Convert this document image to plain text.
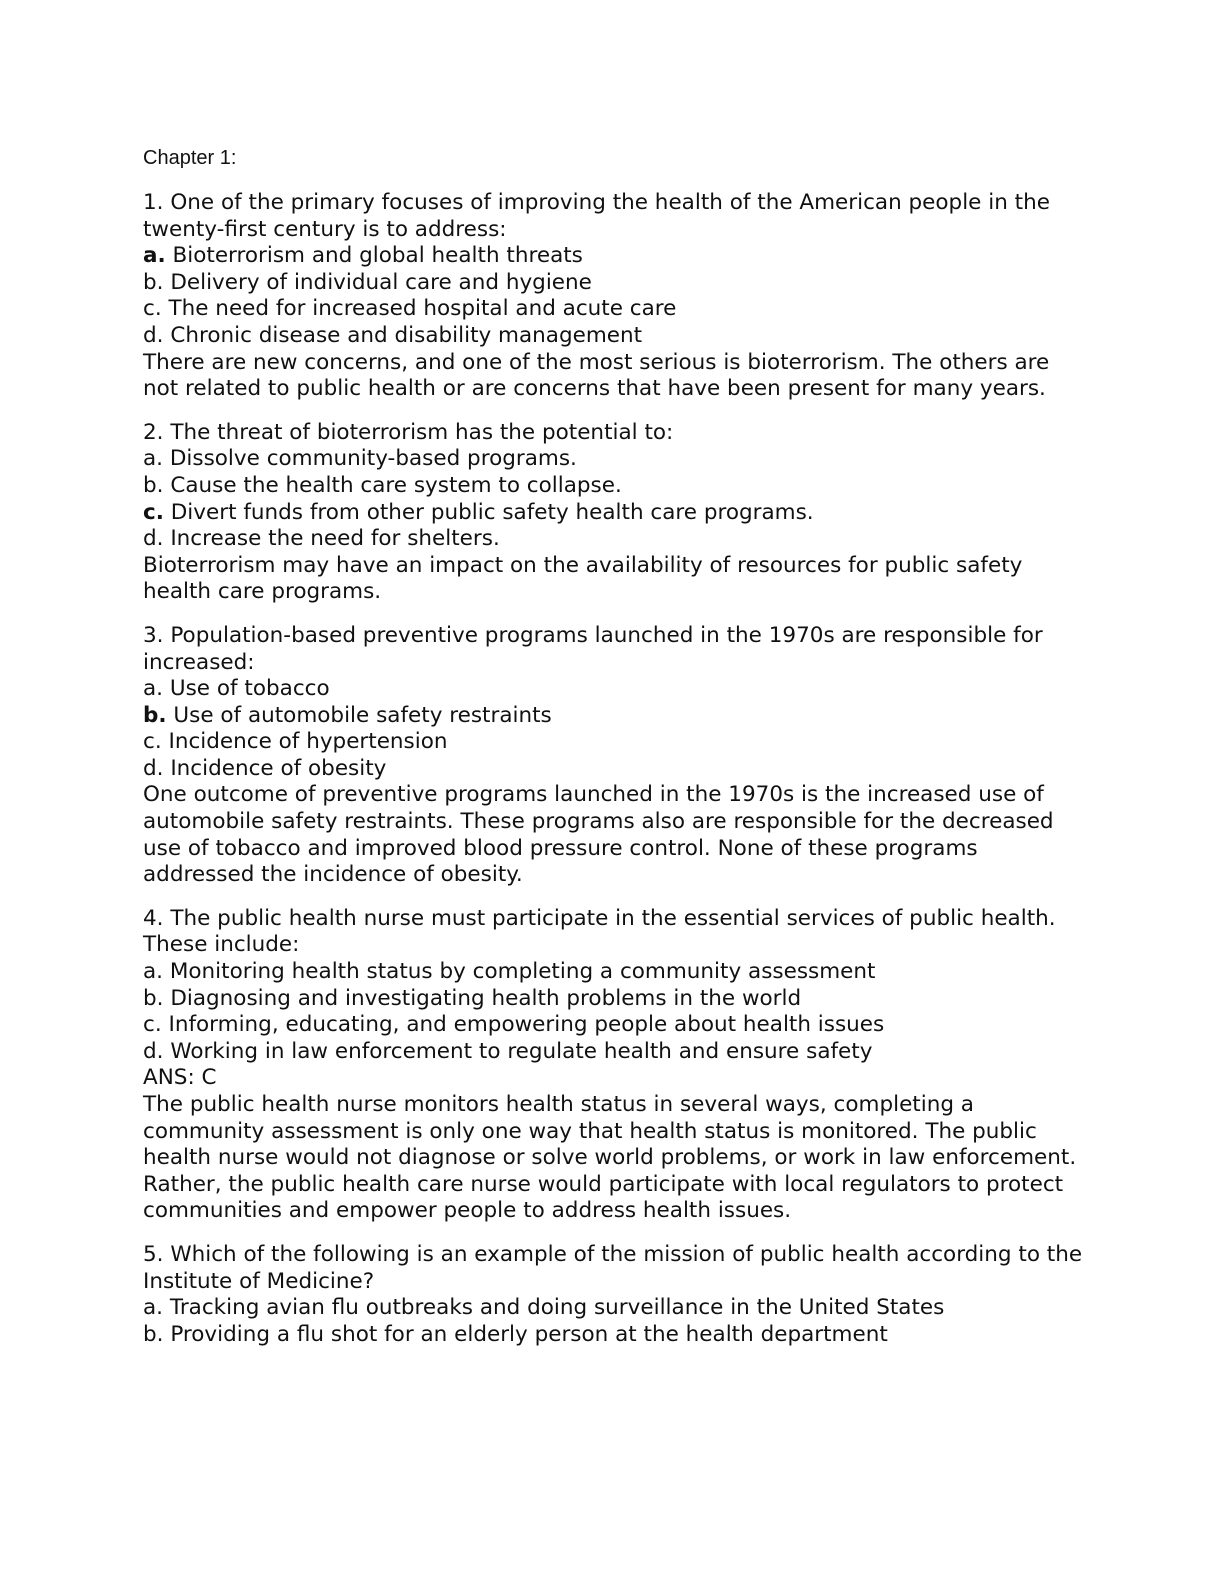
Chapter 1:

1. One of the primary focuses of improving the health of the American people in the twenty-first century is to address:

a. Bioterrorism and global health threats
b. Delivery of individual care and hygiene
c. The need for increased hospital and acute care
d. Chronic disease and disability management

There are new concerns, and one of the most serious is bioterrorism. The others are not related to public health or are concerns that have been present for many years.

2. The threat of bioterrorism has the potential to:

a. Dissolve community-based programs.
b. Cause the health care system to collapse.
c. Divert funds from other public safety health care programs.
d. Increase the need for shelters.

Bioterrorism may have an impact on the availability of resources for public safety health care programs.

3. Population-based preventive programs launched in the 1970s are responsible for increased:

a. Use of tobacco
b. Use of automobile safety restraints
c. Incidence of hypertension
d. Incidence of obesity

One outcome of preventive programs launched in the 1970s is the increased use of automobile safety restraints. These programs also are responsible for the decreased use of tobacco and improved blood pressure control. None of these programs addressed the incidence of obesity.

4. The public health nurse must participate in the essential services of public health. These include:

a. Monitoring health status by completing a community assessment
b. Diagnosing and investigating health problems in the world
c. Informing, educating, and empowering people about health issues
d. Working in law enforcement to regulate health and ensure safety

ANS: C

The public health nurse monitors health status in several ways, completing a community assessment is only one way that health status is monitored. The public health nurse would not diagnose or solve world problems, or work in law enforcement. Rather, the public health care nurse would participate with local regulators to protect communities and empower people to address health issues.

5. Which of the following is an example of the mission of public health according to the Institute of Medicine?

a. Tracking avian flu outbreaks and doing surveillance in the United States
b. Providing a flu shot for an elderly person at the health department
